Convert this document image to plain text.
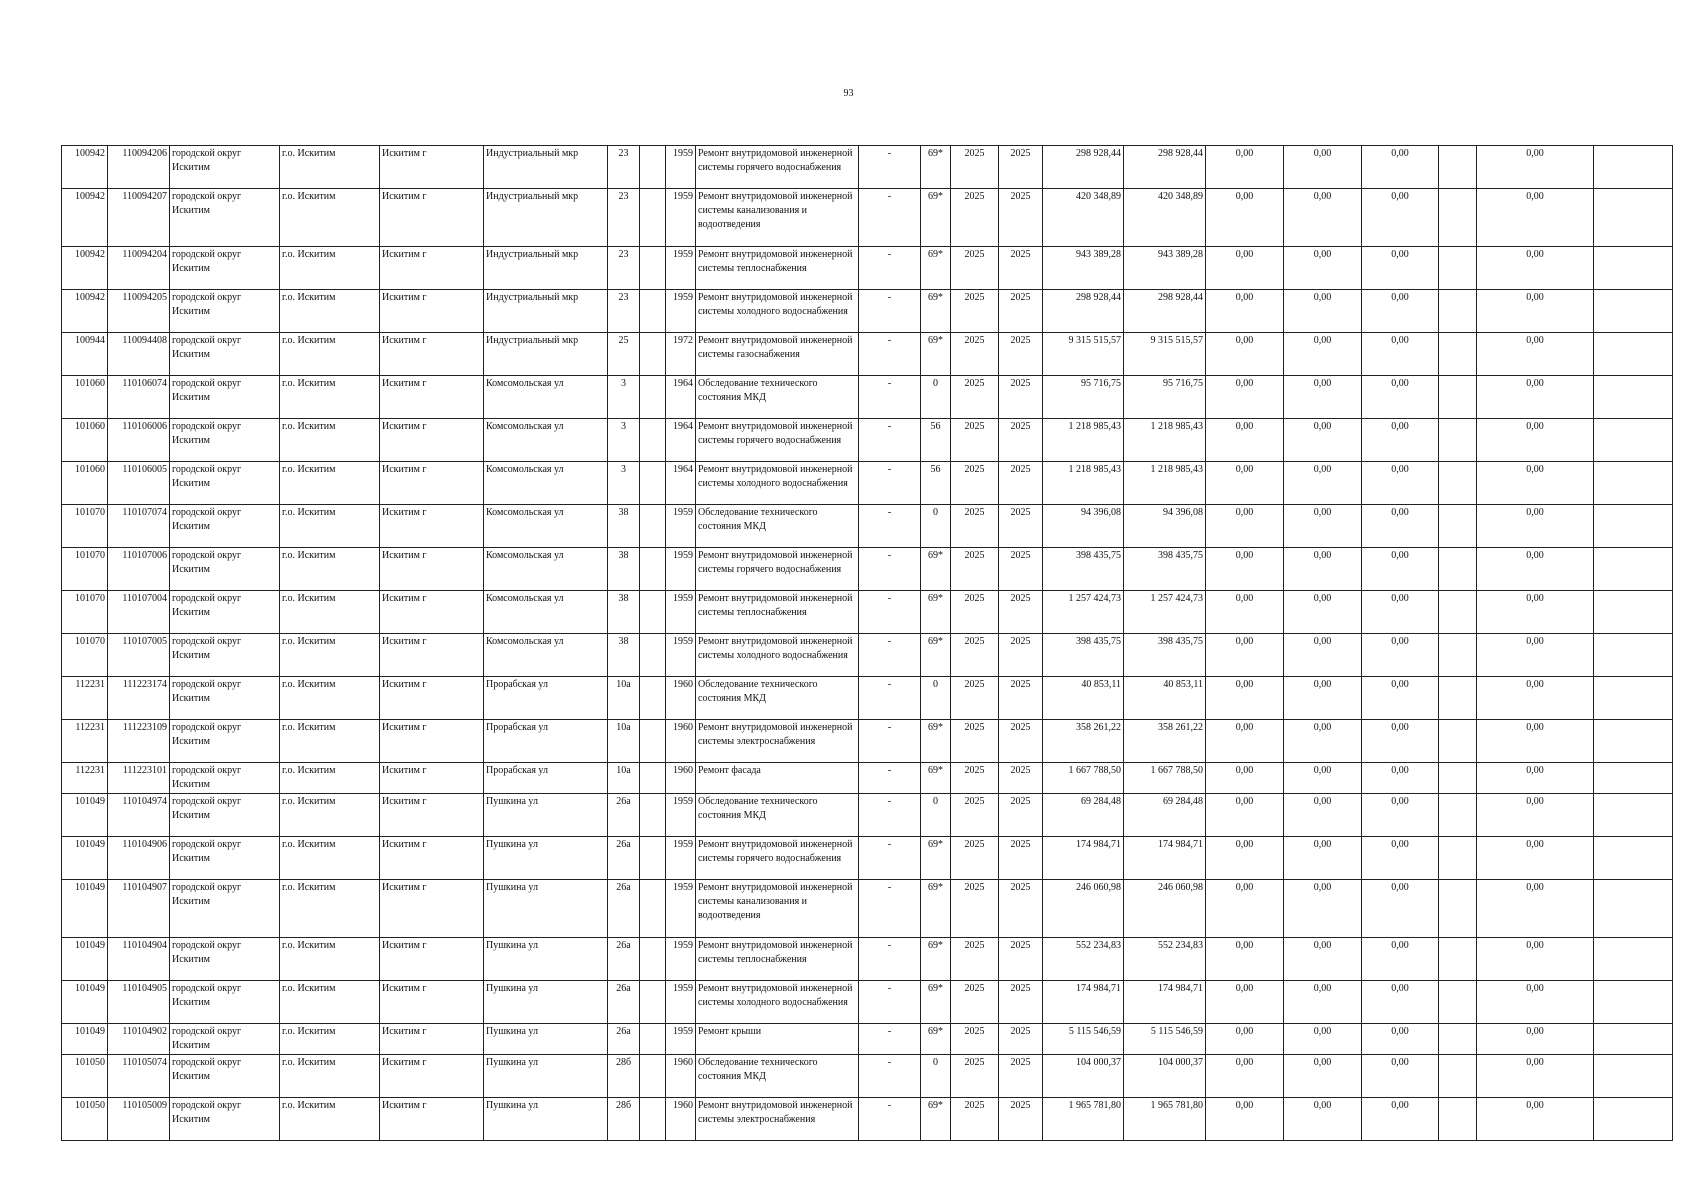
93
100942	110094206	городской округ Искитим	г.о. Искитим	Искитим г	Индустриальный мкр	23		1959	Ремонт внутридомовой инженерной системы горячего водоснабжения	-	69*	2025	2025	298 928,44	298 928,44	0,00	0,00	0,00		0,00	
100942	110094207	городской округ Искитим	г.о. Искитим	Искитим г	Индустриальный мкр	23		1959	Ремонт внутридомовой инженерной системы канализования и водоотведения	-	69*	2025	2025	420 348,89	420 348,89	0,00	0,00	0,00		0,00	
100942	110094204	городской округ Искитим	г.о. Искитим	Искитим г	Индустриальный мкр	23		1959	Ремонт внутридомовой инженерной системы теплоснабжения	-	69*	2025	2025	943 389,28	943 389,28	0,00	0,00	0,00		0,00	
100942	110094205	городской округ Искитим	г.о. Искитим	Искитим г	Индустриальный мкр	23		1959	Ремонт внутридомовой инженерной системы холодного водоснабжения	-	69*	2025	2025	298 928,44	298 928,44	0,00	0,00	0,00		0,00	
100944	110094408	городской округ Искитим	г.о. Искитим	Искитим г	Индустриальный мкр	25		1972	Ремонт внутридомовой инженерной системы газоснабжения	-	69*	2025	2025	9 315 515,57	9 315 515,57	0,00	0,00	0,00		0,00	
101060	110106074	городской округ Искитим	г.о. Искитим	Искитим г	Комсомольская ул	3		1964	Обследование технического состояния МКД	-	0	2025	2025	95 716,75	95 716,75	0,00	0,00	0,00		0,00	
101060	110106006	городской округ Искитим	г.о. Искитим	Искитим г	Комсомольская ул	3		1964	Ремонт внутридомовой инженерной системы горячего водоснабжения	-	56	2025	2025	1 218 985,43	1 218 985,43	0,00	0,00	0,00		0,00	
101060	110106005	городской округ Искитим	г.о. Искитим	Искитим г	Комсомольская ул	3		1964	Ремонт внутридомовой инженерной системы холодного водоснабжения	-	56	2025	2025	1 218 985,43	1 218 985,43	0,00	0,00	0,00		0,00	
101070	110107074	городской округ Искитим	г.о. Искитим	Искитим г	Комсомольская ул	38		1959	Обследование технического состояния МКД	-	0	2025	2025	94 396,08	94 396,08	0,00	0,00	0,00		0,00	
101070	110107006	городской округ Искитим	г.о. Искитим	Искитим г	Комсомольская ул	38		1959	Ремонт внутридомовой инженерной системы горячего водоснабжения	-	69*	2025	2025	398 435,75	398 435,75	0,00	0,00	0,00		0,00	
101070	110107004	городской округ Искитим	г.о. Искитим	Искитим г	Комсомольская ул	38		1959	Ремонт внутридомовой инженерной системы теплоснабжения	-	69*	2025	2025	1 257 424,73	1 257 424,73	0,00	0,00	0,00		0,00	
101070	110107005	городской округ Искитим	г.о. Искитим	Искитим г	Комсомольская ул	38		1959	Ремонт внутридомовой инженерной системы холодного водоснабжения	-	69*	2025	2025	398 435,75	398 435,75	0,00	0,00	0,00		0,00	
112231	111223174	городской округ Искитим	г.о. Искитим	Искитим г	Прорабская ул	10а		1960	Обследование технического состояния МКД	-	0	2025	2025	40 853,11	40 853,11	0,00	0,00	0,00		0,00	
112231	111223109	городской округ Искитим	г.о. Искитим	Искитим г	Прорабская ул	10а		1960	Ремонт внутридомовой инженерной системы электроснабжения	-	69*	2025	2025	358 261,22	358 261,22	0,00	0,00	0,00		0,00	
112231	111223101	городской округ Искитим	г.о. Искитим	Искитим г	Прорабская ул	10а		1960	Ремонт фасада	-	69*	2025	2025	1 667 788,50	1 667 788,50	0,00	0,00	0,00		0,00	
101049	110104974	городской округ Искитим	г.о. Искитим	Искитим г	Пушкина ул	26а		1959	Обследование технического состояния МКД	-	0	2025	2025	69 284,48	69 284,48	0,00	0,00	0,00		0,00	
101049	110104906	городской округ Искитим	г.о. Искитим	Искитим г	Пушкина ул	26а		1959	Ремонт внутридомовой инженерной системы горячего водоснабжения	-	69*	2025	2025	174 984,71	174 984,71	0,00	0,00	0,00		0,00	
101049	110104907	городской округ Искитим	г.о. Искитим	Искитим г	Пушкина ул	26а		1959	Ремонт внутридомовой инженерной системы канализования и водоотведения	-	69*	2025	2025	246 060,98	246 060,98	0,00	0,00	0,00		0,00	
101049	110104904	городской округ Искитим	г.о. Искитим	Искитим г	Пушкина ул	26а		1959	Ремонт внутридомовой инженерной системы теплоснабжения	-	69*	2025	2025	552 234,83	552 234,83	0,00	0,00	0,00		0,00	
101049	110104905	городской округ Искитим	г.о. Искитим	Искитим г	Пушкина ул	26а		1959	Ремонт внутридомовой инженерной системы холодного водоснабжения	-	69*	2025	2025	174 984,71	174 984,71	0,00	0,00	0,00		0,00	
101049	110104902	городской округ Искитим	г.о. Искитим	Искитим г	Пушкина ул	26а		1959	Ремонт крыши	-	69*	2025	2025	5 115 546,59	5 115 546,59	0,00	0,00	0,00		0,00	
101050	110105074	городской округ Искитим	г.о. Искитим	Искитим г	Пушкина ул	28б		1960	Обследование технического состояния МКД	-	0	2025	2025	104 000,37	104 000,37	0,00	0,00	0,00		0,00	
101050	110105009	городской округ Искитим	г.о. Искитим	Искитим г	Пушкина ул	28б		1960	Ремонт внутридомовой инженерной системы электроснабжения	-	69*	2025	2025	1 965 781,80	1 965 781,80	0,00	0,00	0,00		0,00	
